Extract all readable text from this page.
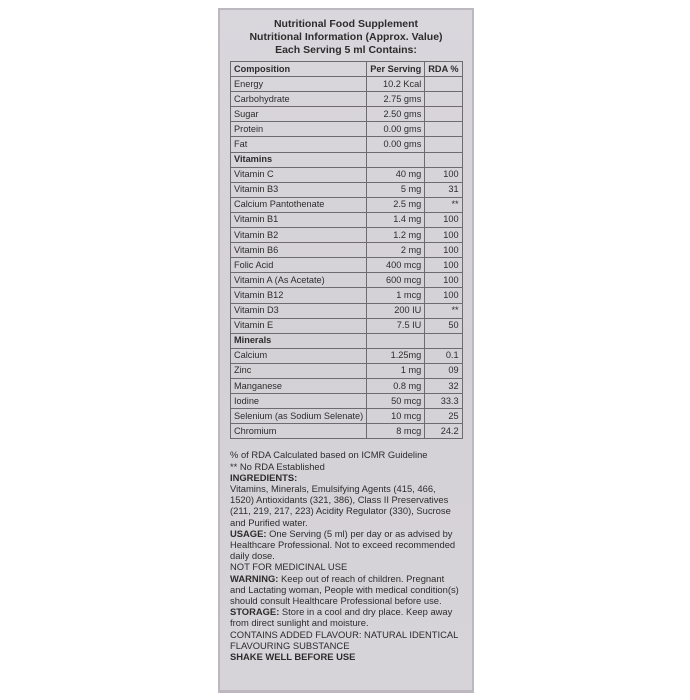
Nutritional Food Supplement
Nutritional Information (Approx. Value)
Each Serving 5 ml Contains:
Composition	Per Serving	RDA %
Energy	10.2 Kcal	
Carbohydrate	2.75 gms	
Sugar	2.50 gms	
Protein	0.00 gms	
Fat	0.00 gms	
Vitamins		
Vitamin C	40 mg	100
Vitamin B3	5 mg	31
Calcium Pantothenate	2.5 mg	**
Vitamin B1	1.4 mg	100
Vitamin B2	1.2 mg	100
Vitamin B6	2 mg	100
Folic Acid	400 mcg	100
Vitamin A (As Acetate)	600 mcg	100
Vitamin B12	1 mcg	100
Vitamin D3	200 IU	**
Vitamin E	7.5 IU	50
Minerals		
Calcium	1.25mg	0.1
Zinc	1 mg	09
Manganese	0.8 mg	32
Iodine	50 mcg	33.3
Selenium (as Sodium Selenate)	10 mcg	25
Chromium	8 mcg	24.2

% of RDA Calculated based on ICMR Guideline

** No RDA Established

INGREDIENTS:

Vitamins, Minerals, Emulsifying Agents (415, 466, 1520) Antioxidants (321, 386), Class II Preservatives (211, 219, 217, 223) Acidity Regulator (330), Sucrose and Purified water.

USAGE: One Serving (5 ml) per day or as advised by Healthcare Professional. Not to exceed recommended daily dose.

NOT FOR MEDICINAL USE

WARNING: Keep out of reach of children. Pregnant and Lactating woman, People with medical condition(s) should consult Healthcare Professional before use.

STORAGE: Store in a cool and dry place. Keep away from direct sunlight and moisture.

CONTAINS ADDED FLAVOUR: NATURAL IDENTICAL FLAVOURING SUBSTANCE

SHAKE WELL BEFORE USE
